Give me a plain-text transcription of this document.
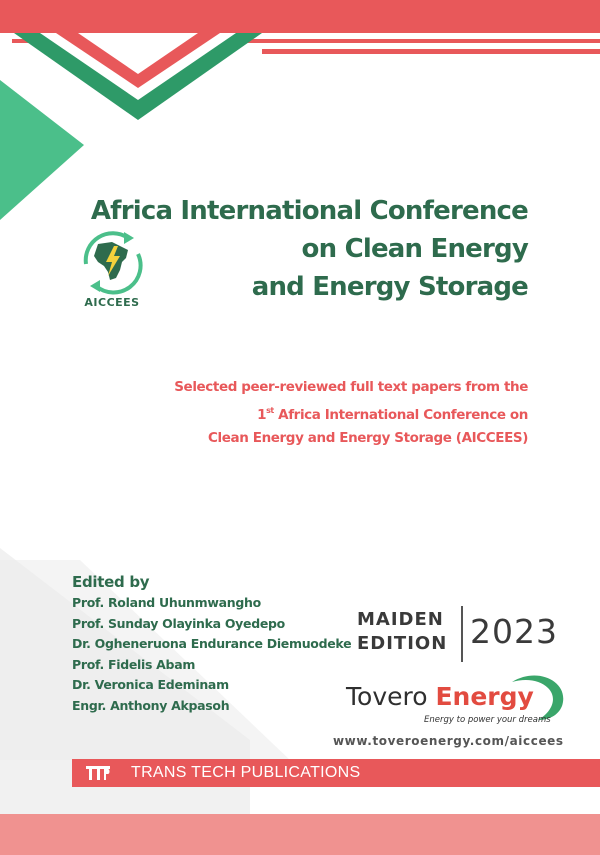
Africa International Conference
on Clean Energy
and Energy Storage
AICCEES
Selected peer-reviewed full text papers from the
1st Africa International Conference on
Clean Energy and Energy Storage (AICCEES)
Edited by
Prof. Roland Uhunmwangho
Prof. Sunday Olayinka Oyedepo
Dr. Ogheneruona Endurance Diemuodeke
Prof. Fidelis Abam
Dr. Veronica Edeminam
Engr. Anthony Akpasoh
MAIDEN
EDITION 2023
Tovero Energy
Energy to power your dreams
www.toveroenergy.com/aiccees
TRANS TECH PUBLICATIONS
